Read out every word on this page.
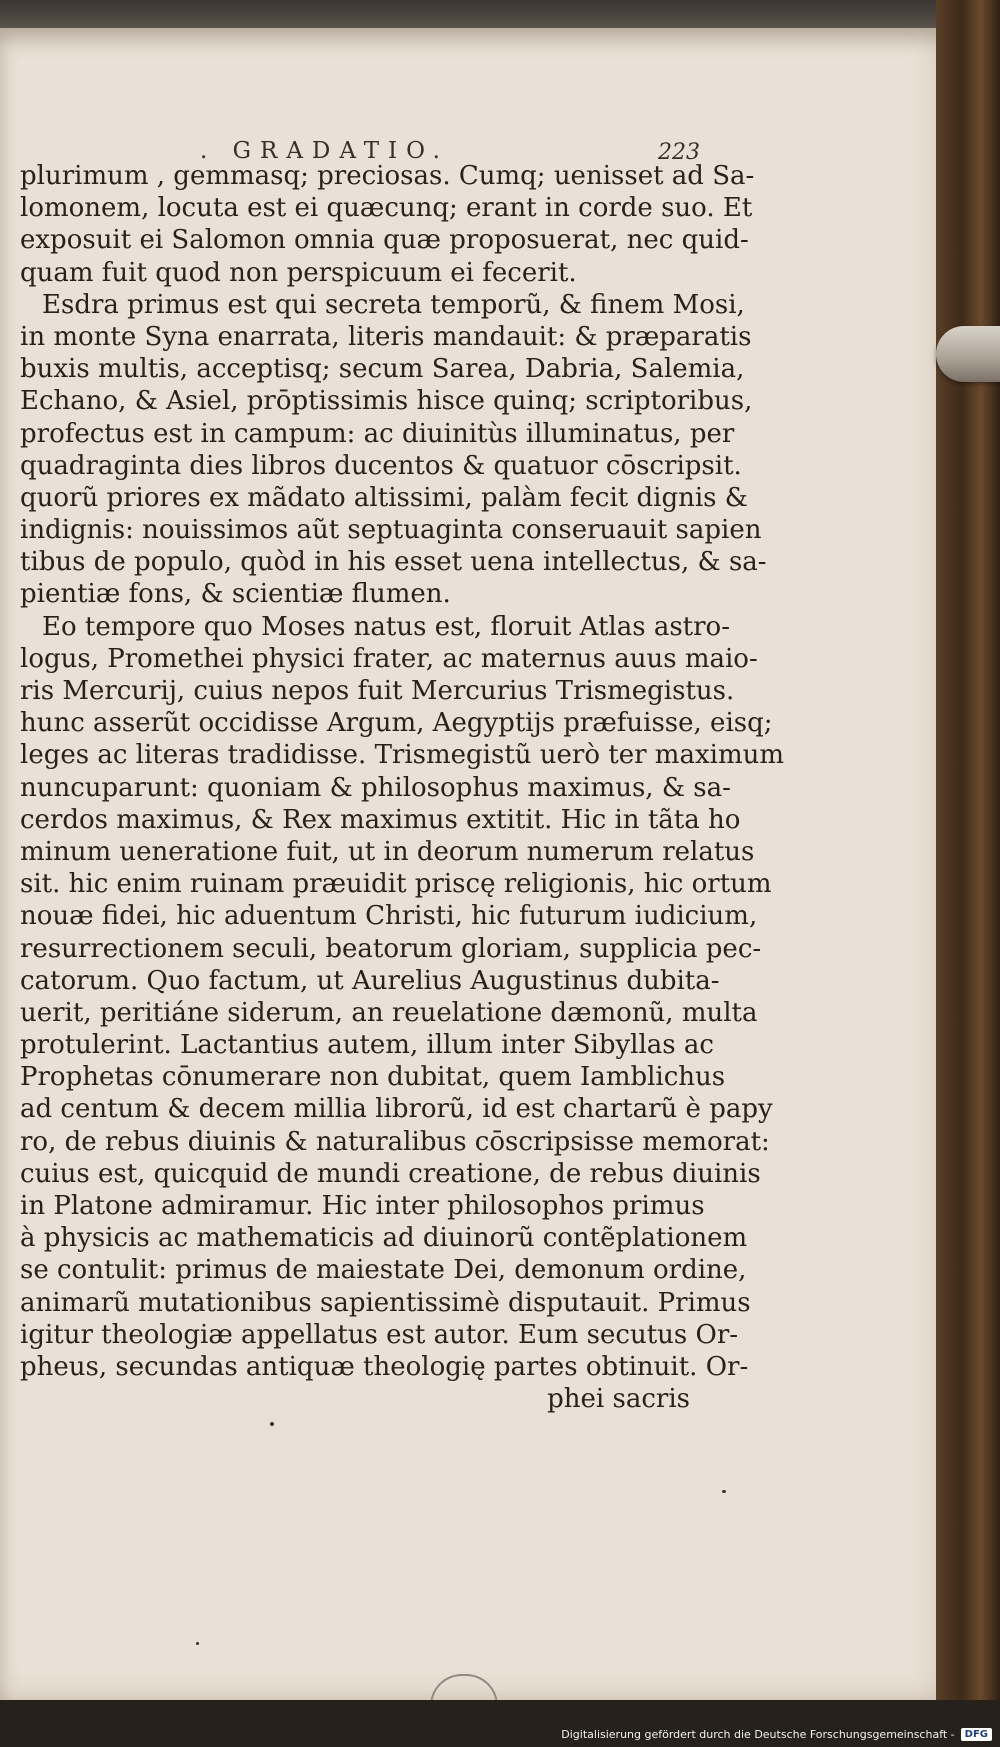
. GRADATIO.	223
plurimum , gemmasq; preciosas. Cumq; uenisset ad Sa-
lomonem, locuta est ei quæcunq; erant in corde suo. Et
exposuit ei Salomon omnia quæ proposuerat, nec quid-
quam fuit quod non perspicuum ei fecerit.
Esdra primus est qui secreta temporũ, & finem Mosi,
in monte Syna enarrata, literis mandauit: & præparatis
buxis multis, acceptisq; secum Sarea, Dabria, Salemia,
Echano, & Asiel, prōptissimis hisce quinq; scriptoribus,
profectus est in campum: ac diuinitùs illuminatus, per
quadraginta dies libros ducentos & quatuor cōscripsit.
quorũ priores ex mãdato altissimi, palàm fecit dignis &
indignis: nouissimos aũt septuaginta conseruauit sapien
tibus de populo, quòd in his esset uena intellectus, & sa-
pientiæ fons, & scientiæ flumen.
Eo tempore quo Moses natus est, floruit Atlas astro-
logus, Promethei physici frater, ac maternus auus maio-
ris Mercurij, cuius nepos fuit Mercurius Trismegistus.
hunc asserũt occidisse Argum, Aegyptijs præfuisse, eisq;
leges ac literas tradidisse. Trismegistũ uerò ter maximum
nuncuparunt: quoniam & philosophus maximus, & sa-
cerdos maximus, & Rex maximus extitit. Hic in tãta ho
minum ueneratione fuit, ut in deorum numerum relatus
sit. hic enim ruinam præuidit priscę religionis, hic ortum
nouæ fidei, hic aduentum Christi, hic futurum iudicium,
resurrectionem seculi, beatorum gloriam, supplicia pec-
catorum. Quo factum, ut Aurelius Augustinus dubita-
uerit, peritiáne siderum, an reuelatione dæmonũ, multa
protulerint. Lactantius autem, illum inter Sibyllas ac
Prophetas cōnumerare non dubitat, quem Iamblichus
ad centum & decem millia librorũ, id est chartarũ è papy
ro, de rebus diuinis & naturalibus cōscripsisse memorat:
cuius est, quicquid de mundi creatione, de rebus diuinis
in Platone admiramur. Hic inter philosophos primus
à physicis ac mathematicis ad diuinorũ contẽplationem
se contulit: primus de maiestate Dei, demonum ordine,
animarũ mutationibus sapientissimè disputauit. Primus
igitur theologiæ appellatus est autor. Eum secutus Or-
pheus, secundas antiquæ theologię partes obtinuit. Or-
phei sacris
Digitalisierung gefördert durch die Deutsche Forschungsgemeinschaft -	DFG
